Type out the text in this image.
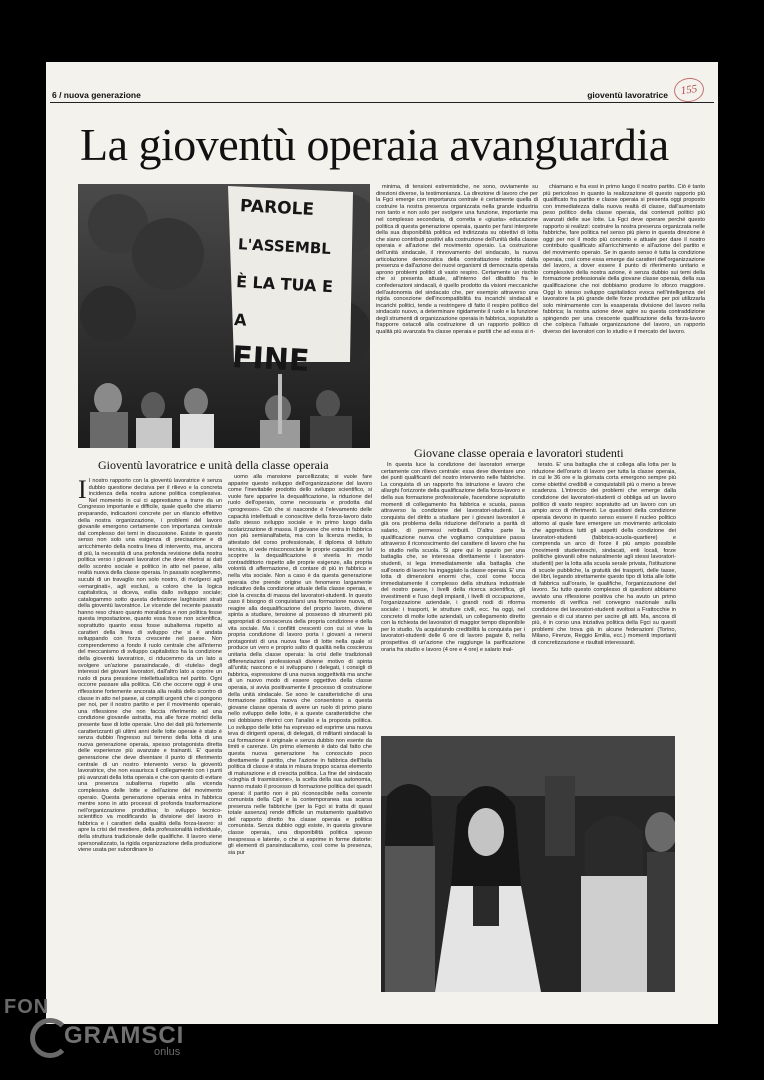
6 / nuova generazione	gioventù lavoratrice	155
La gioventù operaia avanguardia
PAROLE
L'ASSEMBL
È LA TUA E A
FINE

minima, di tensioni estremistiche, ne sono, ovviamente su direzioni diverse, la testimonianza. La direzione di lavoro che per la Fgci emerge con importanza centrale è certamente quella di costruire la nostra presenza organizzata nella grande industria non tanto e non solo per svolgere una funzione, importante ma nel complesso secondaria, di corretta e «giusta» educazione politica di questa generazione operaia, quanto per farsi interprete della sua disponibilità politica ed indirizzata su obiettivi di lotta che siano contributi positivi alla costruzione dell'unità della classe operaia e all'azione del movimento operaio. La costruzione dell'unità sindacale, il rinnovamento del sindacato, la nuova articolazione democratica della contrattazione indotta dalla presenza e dall'azione dei nuovi organismi di democrazia operaia aprono problemi politici di vasto respiro. Certamente un rischio che si presenta attuale, all'interno del dibattito fra le confederazioni sindacali, è quello prodotto da visioni meccaniche dell'autonomia del sindacato che, per esempio attraverso una rigida concezione dell'incompatibilità tra incarichi sindacali e incarichi politici, tende a restringere di fatto il respiro politico del sindacato nuovo, a determinare rigidamente il ruolo e la funzione degli strumenti di organizzazione operaia in fabbrica, sopratutto a frapporre ostacoli alla costruzione di un rapporto politico di qualità più avanzata fra classe operaia e partiti che ad essa si ri-

chiamano e fra essi in primo luogo il nostro partito. Ciò è tanto più pericoloso in quanto la realizzazione di questo rapporto più qualificato fra partito e classe operaia si presenta oggi proposto con immediatezza dalla nuova realtà di classe, dall'aumentato peso politico della classe operaia, dai contenuti politici più avanzati delle sue lotte. La Fgci deve operare perché questo rapporto si realizzi: costruire la nostra presenza organizzata nelle fabbriche, fare politica nel senso più pieno in questa direzione è oggi per noi il modo più concreto e attuale per dare il nostro contributo qualificato all'arricchimento e all'azione del partito e del movimento operaio. Se in questo senso è tutta la condizione operaia, così come essa emerge dai caratteri dell'organizzazione del lavoro, a dover essere il punto di riferimento unitario e complessivo della nostra azione, è senza dubbio sui temi della formazione professionale della giovane classe operaia, della sua qualificazione che noi dobbiamo produrre lo sforzo maggiore. Oggi lo stesso sviluppo capitalistico evoca nell'intelligenza del lavoratore la più grande delle forze produttive per poi utilizzarla solo minimamente con la esasperata divisione del lavoro nella fabbrica; la nostra azione deve agire su questa contraddizione spingendo per una crescente qualificazione della forza-lavoro che colpisca l'attuale organizzazione del lavoro, un rapporto diverso dei lavoratori con lo studio e il mercato del lavoro.

Gioventù lavoratrice e unità della classe operaia
Giovane classe operaia e lavoratori studenti
I I nostro rapporto con la gioventù lavoratrice è senza dubbio questione decisiva per il rilievo e la concreta incidenza della nostra azione politica complessiva. Nel momento in cui ci apprestiamo a trarre da un Congresso importante e difficile, quale quello che stiamo preparando, indicazioni concrete per un rilancio effettivo della nostra organizzazione, i problemi del lavoro giovanile emergono certamente con importanza centrale dal complesso dei temi in discussione. Esiste in questo senso non solo una esigenza di precisazione e di arricchimento della nostra linea di intervento, ma, ancora di più, la necessità di una profonda revisione della nostra politica verso i giovani lavoratori che deve riferirsi ai dati dello scontro sociale e politico in atto nel paese, alla realtà nuova della classe operaia. In passato scegliemmo, sucubi di un travaglio non solo nostro, di rivolgerci agli «emarginati», agli esclusi, a coloro che la logica capitalistica, si diceva, esilia dallo sviluppo sociale; catalogammo sotto questa definizione larghissimi strati della gioventù lavoratrice. Le vicende del recente passato hanno reso chiaro quanto moralistica e non politica fosse questa impostazione, quanto essa fosse non scientifica, soprattutto quanto essa fosse subalterna rispetto ai caratteri della linea di sviluppo che si è andata sviluppando con forza crescente nel paese. Non comprendemmo a fondo il ruolo centrale che all'interno del meccanismo di sviluppo capitalistico ha la condizione della gioventù lavoratrice, ci riducemmo da un lato a svolgere un'azione parasindacale, di «tutela» degli interessi dei giovani lavoratori, dall'altro lato a coprire un ruolo di pura pressione intellettualistica nel partito. Ogni occorre passare alla politica. Ciò che occorre oggi è una riflessione fortemente ancorata alla realtà dello scontro di classe in atto nel paese, ai compiti urgenti che ci pongono per noi, per il nostro partito e per il movimento operaio, una riflessione che non faccia riferimento ad una condizione giovanile astratta, ma alle forze motrici della presente fase di lotte operaie. Uno dei dati più fortemente caratterizzanti gli ultimi anni delle lotte operaie è stato è senza dubbio l'ingresso sul terreno della lotta di una nuova generazione operaia, spesso protagonista diretta delle esperienze più avanzate e trainanti. E' questa generazione che deve diventare il punto di riferimento centrale di un nostro intervento verso la gioventù lavoratrice, che non esaurisca il collegamento con i punti più avanzati della lotta operaia e che con questo di evitare una presenza subalterna rispetto alla vicenda complessiva delle lotte e dell'azione del movimento operaio. Questa generazione operaia entra in fabbrica mentre sono in atto processi di profonda trasformazione nell'organizzazione produttiva; lo sviluppo tecnico-scientifico va modificando la divisione del lavoro in fabbrica e i caratteri della qualità della forza-lavoro: si apre la crisi del mestiere, della professionalità individuale, della struttura tradizionale delle qualifiche. Il lavoro viene spersonalizzato, la rigida organizzazione della produzione viene usata per subordinare lo

uomo alla mansione parcellizzata; si vuole fare apparire questo sviluppo dell'organizzazione del lavoro come l'inevitabile prodotto dello sviluppo scientifico, si vuole fare apparire la dequalificazione, la riduzione del ruolo dell'operaio, come necessaria e prodotta dal «progresso». Ciò che si nasconde è l'elevamento delle capacità intellettuali e conoscitive della forza-lavoro dato dallo stesso sviluppo sociale e in primo luogo dalla scolarizzazione di massa. Il giovane che entra in fabbrica non più semianalfabeta, ma con la licenza media, lo attestato del corso professionale, il diploma di Istituto tecnico, si vede misconosciute le proprie capacità: per lui scoprire la dequalificazione è viverla in modo contraddittorio rispetto alle proprie esigenze, alla propria volontà di affermazione, di contare di più in fabbrica e nella vita sociale. Non a caso è da questa generazione operaia che prende origine un fenomeno largamente indicativo della condizione attuale della classe operaia, e cioè la crescita di massa del lavoratori-studenti. In questo caso il bisogno di conquistarsi una formazione nuova, di reagire alla dequalificazione del proprio lavoro, diviene spinta a studiare, tensione al possesso di strumenti più appropriati di conoscenza della propria condizione e della vita sociale. Ma i conflitti crescenti con cui si vive la propria condizione di lavoro porta i giovani a renersi protagonisti di una nuova fase di lotte nella quale si produce un vero e proprio salto di qualità nella coscienza unitaria della classe operaia: la crisi delle tradizionali differenziazioni professionali diviene motivo di spinta all'unità; nascono e si sviluppano i delegati, i consigli di fabbrica, espressione di una nuova soggettività ma anche di un nuovo modo di essere oggettivo della classe operaia, si avvia positivamente il processo di costruzione della unità sindacale. Se sono le caratteristiche di una formazione politica nuova che consentono a questa giovane classe operaia di avere un ruolo di primo piano nello sviluppo delle lotte, è a queste caratteristiche che noi dobbiamo riferirci con l'analisi e la proposta politica. Lo sviluppo delle lotte ha espresso ed esprime una nuova leva di dirigenti operai, di delegati, di militanti sindacali la cui formazione è originale e senza dubbio non esente da limiti e carenze. Un primo elemento è dato dal fatto che questa nuova generazione ha conosciuto poco direttamente il partito, che l'azione in fabbrica dell'Italia politica di classe è stata in misura troppo scarsa elemento di maturazione e di crescita politica. La fine del sindacato «cinghia di trasmissione», la scelta della sua autonomia, hanno mutato il processo di formazione politica dei quadri operai: il partito non è più riconoscibile nella corrente comunista della Cgil e la contemporanea sua scarsa presenza nelle fabbriche (per la Fgci si tratta di quasi totale assenza) rende difficile un mutamento qualitativo del rapporto diretto fra classe operaia e politica comunista. Senza dubbio oggi esiste, in questa giovane classe operaia, una disponibilità politica spesso inespressa e latente, o che si esprime in forme distorte: gli elementi di pansindacalismo, così come la presenza, sia pur

In questa luce la condizione dei lavoratori emerge certamente con rilievo centrale: essa deve diventare uno dei punti qualificanti del nostro intervento nelle fabbriche. La conquista di un rapporto fra istruzione e lavoro che allarghi l'orizzonte della qualificazione della forza-lavoro e della sua formazione professionale, facendone sopratutto momenti di collegamento fra fabbrica e scuola, passa attraverso la condizione dei lavoratori-studenti. La conquista del diritto a studiare per i giovani lavoratori è già ora problema della riduzione dell'orario a parità di salario, di permessi retribuiti. D'altra parte la qualificazione nuova che vogliamo conquistare passa attraverso il riconoscimento del carattere di lavoro che ha lo studio nella scuola. Si apre qui lo spazio per una battaglia che, se interessa direttamente i lavoratori-studenti, si lega immediatamente alla battaglia che sull'orario di lavoro ha ingaggiato la classe operaia. E' una lotta di dimensioni enormi che, così come tocca immediatamente il complesso della struttura industriale del nostro paese, i livelli della ricerca scientifica, gli investimenti e l'uso degli impianti, i livelli di occupazione, l'organizzazione aziendale, i grandi nodi di riforma sociale: i trasporti, le strutture civili, ecc. ha oggi, nel concreto di molte lotte aziendali, un collegamento diretto con la richiesta dei lavoratori di maggior tempo disponibile per lo studio. Va acquistando credibilità la conquista per i lavoratori-studenti delle 6 ore di lavoro pagate 8, nella prospettiva di un'azione che raggiunge la parificazione oraria fra studio e lavoro (4 ore e 4 ore) e salario inal-

terato. E' una battaglia che si collega alla lotta per la riduzione dell'orario di lavoro per tutta la classe operaia, in cui le 36 ore e la giornata corta emergono sempre più come obiettivi credibili e conquistabili più o meno a breve scadenza. L'intreccio dei problemi che emerge dalla condizione dei lavoratori-studenti ci obbliga ad un lavoro politico di vasto respiro: sopratutto ad un lavoro con un ampio arco di riferimenti. Le questioni della condizione operaia devono in questo senso essere il nucleo politico attorno al quale fare emergere un movimento articolato che aggredisca tutti gli aspetti della condizione dei lavoratori-studenti (fabbrica-scuola-quartiere) e comprenda un arco di forze il più ampio possibile (movimenti studenteschi, sindacati, enti locali, forze politiche giovanili oltre naturalmente agli stessi lavoratori-studenti) per la lotta alla scuola serale privata, l'istituzione di scuole pubbliche, la gratuità dei trasporti, delle tasse, dei libri, legando strettamente questo tipo di lotta alle lotte di fabbrica sull'orario, le qualifiche, l'organizzazione del lavoro. Su tutto questo complesso di questioni abbiamo avviato una riflessione positiva che ha avuto un primo momento di verifica nel convegno nazionale sulla condizione dei lavoratori-studenti svoltosi a Frattocchie in gennaio e di cui stanno per uscire gli atti. Ma, ancora di più, è in corso una iniziativa politica della Fgci su questi problemi che trova già in alcune federazioni (Torino, Milano, Firenze, Reggio Emilia, ecc.) momenti importanti di concretizzazione e risultati interessanti.

FON
GRAMSCI
onlus
